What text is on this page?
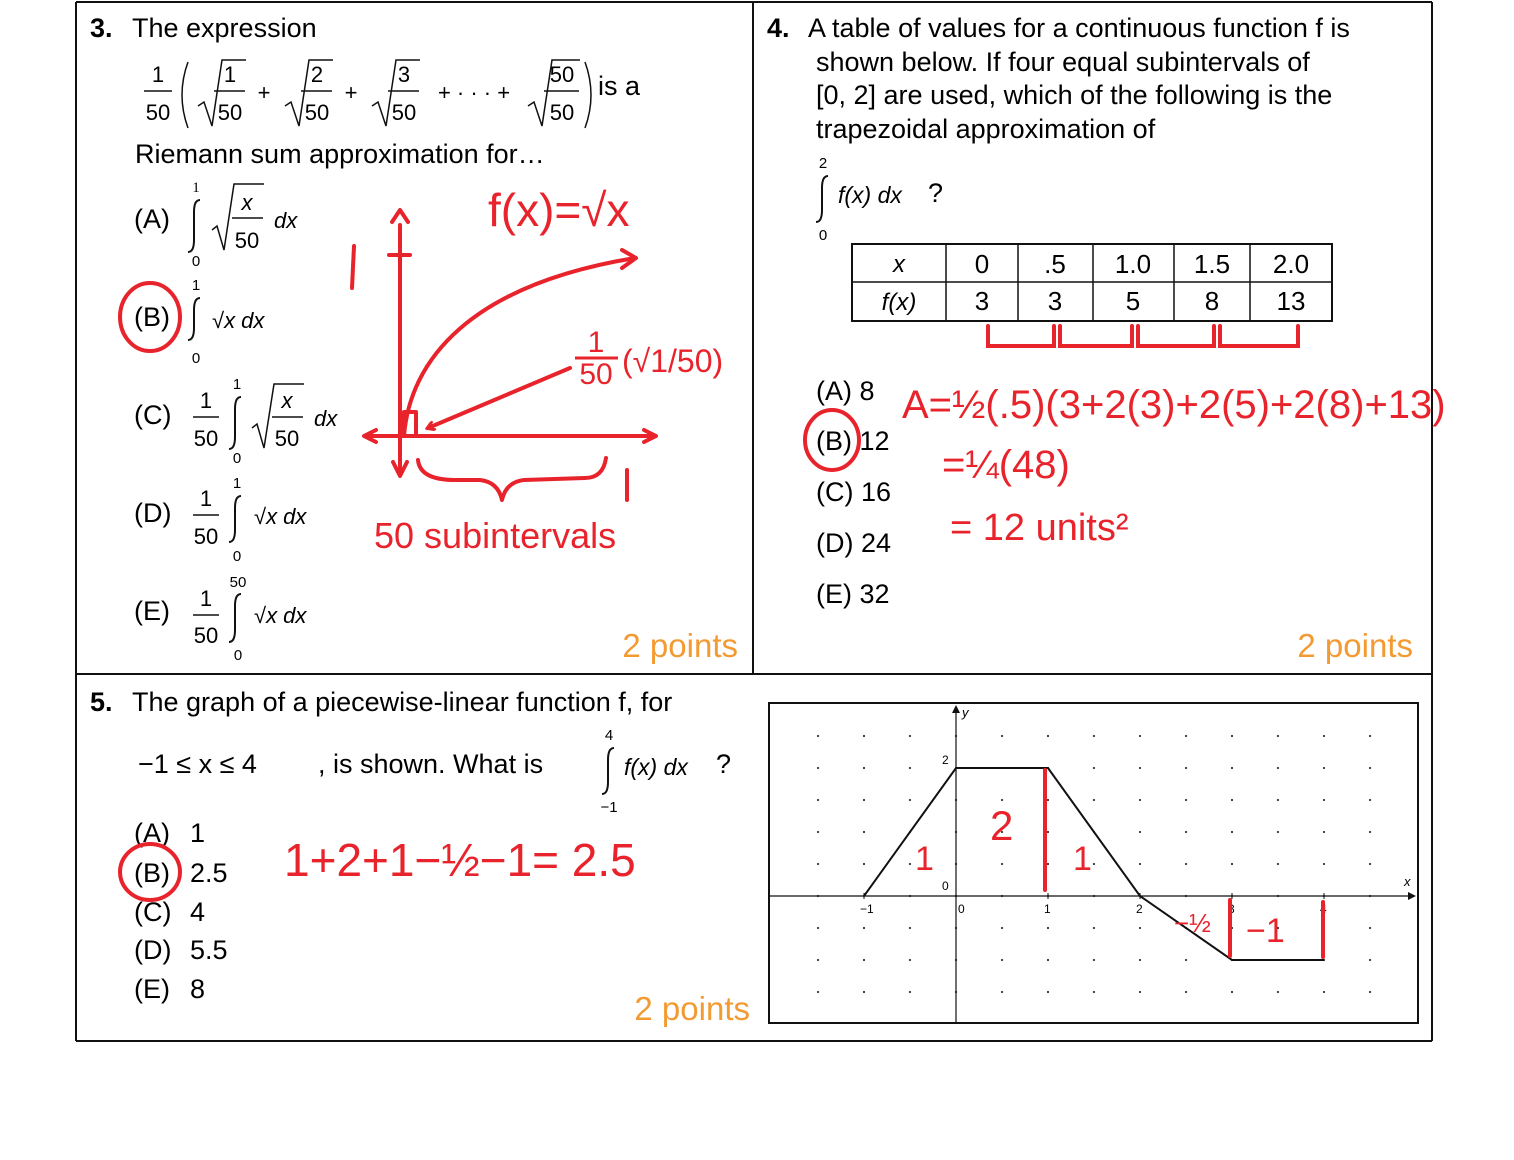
3. The expression
1
50
1
50
+
2
50
+
3
50
+ · · · +
50
50
is a
Riemann sum approximation for…
(A)
1
0
x
50
dx
(B)
1
0
√x dx
(C) 1
50
1
0
x
50
dx
(D) 1
50
1
0
√x dx
(E) 1
50
50
0
√x dx
2 points
f(x)=√x
1
50 (√1/50)
50 subintervals
4. A table of values for a continuous function f is
shown below. If four equal subintervals of
[0, 2] are used, which of the following is the
trapezoidal approximation of
2
0
f(x) dx ?
x	0 .5 1.0 1.5 2.0
f(x) 3 3 5 8 13
(A) 8
(B) 12
(C) 16
(D) 24
(E) 32
A=½(.5)(3+2(3)+2(5)+2(8)+13)
=¼(48)
= 12 units²
2 points
5. The graph of a piecewise-linear function f, for
−1 ≤ x ≤ 4 , is shown. What is
4
−1
f(x) dx ?
(A) 1
(B) 2.5
(C) 4
(D) 5.5
(E) 8
1+2+1−½−1= 2.5
2 points
x
y
−1	0	1	2	3	4
2
0
1
2
1
−½ −1
